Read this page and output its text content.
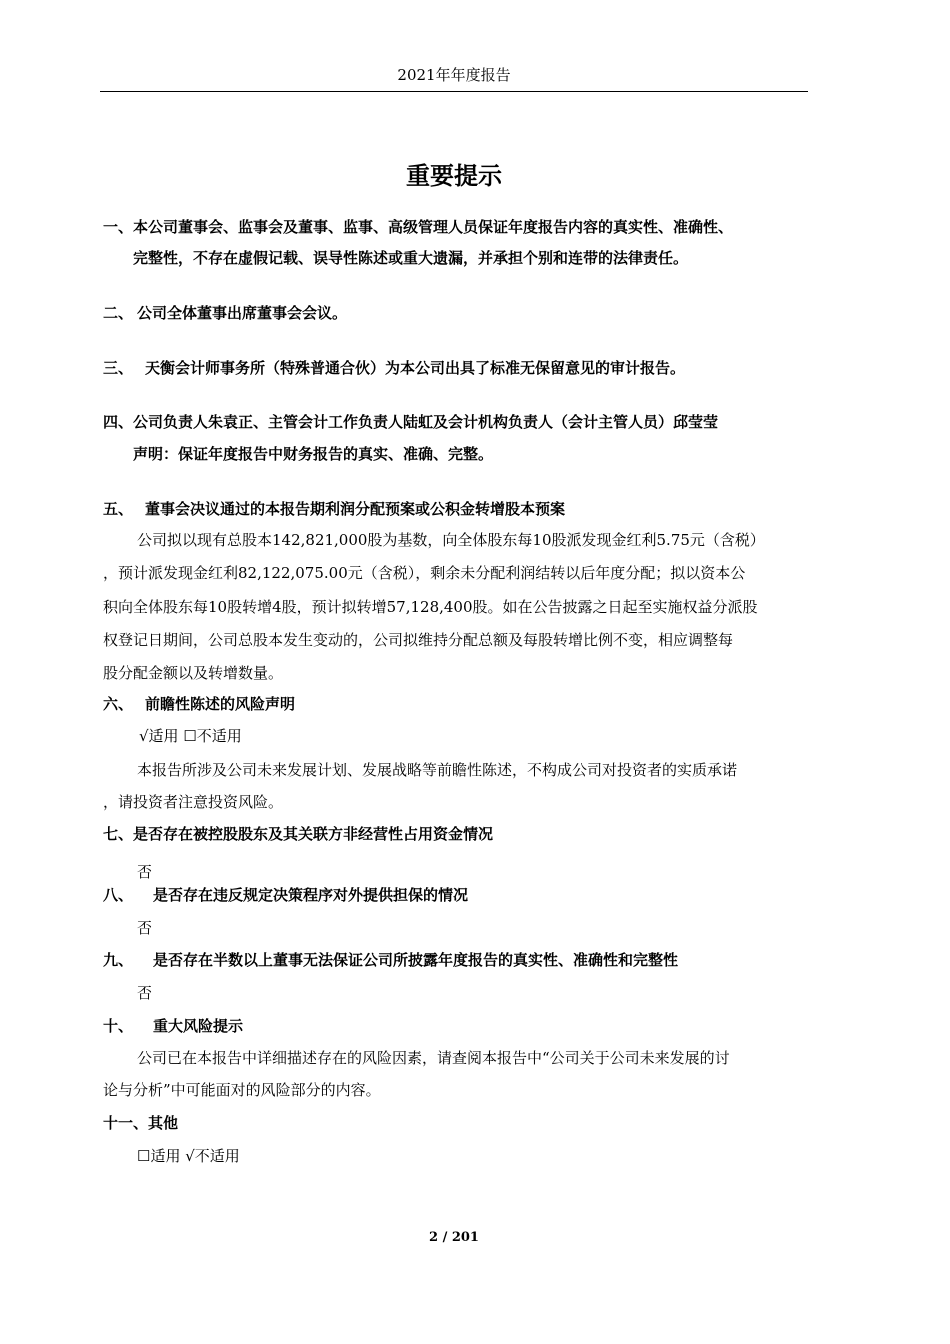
2021年年度报告
重要提示
一、本公司董事会、监事会及董事、监事、高级管理人员保证年度报告内容的真实性、准确性、
完整性，不存在虚假记载、误导性陈述或重大遗漏，并承担个别和连带的法律责任。
二、 公司全体董事出席董事会会议。
三、 天衡会计师事务所（特殊普通合伙）为本公司出具了标准无保留意见的审计报告。
四、公司负责人朱袁正、主管会计工作负责人陆虹及会计机构负责人（会计主管人员）邱莹莹
声明：保证年度报告中财务报告的真实、准确、完整。
五、 董事会决议通过的本报告期利润分配预案或公积金转增股本预案
公司拟以现有总股本142,821,000股为基数，向全体股东每10股派发现金红利5.75元（含税）
，预计派发现金红利82,122,075.00元（含税），剩余未分配利润结转以后年度分配；拟以资本公
积向全体股东每10股转增4股，预计拟转增57,128,400股。如在公告披露之日起至实施权益分派股
权登记日期间，公司总股本发生变动的，公司拟维持分配总额及每股转增比例不变，相应调整每
股分配金额以及转增数量。
六、 前瞻性陈述的风险声明
√适用 ☐不适用
本报告所涉及公司未来发展计划、发展战略等前瞻性陈述，不构成公司对投资者的实质承诺
，请投资者注意投资风险。
七、是否存在被控股股东及其关联方非经营性占用资金情况
否
八、 是否存在违反规定决策程序对外提供担保的情况
否
九、 是否存在半数以上董事无法保证公司所披露年度报告的真实性、准确性和完整性
否
十、 重大风险提示
公司已在本报告中详细描述存在的风险因素，请查阅本报告中“公司关于公司未来发展的讨
论与分析”中可能面对的风险部分的内容。
十一、其他
☐适用 √不适用
2 / 201
